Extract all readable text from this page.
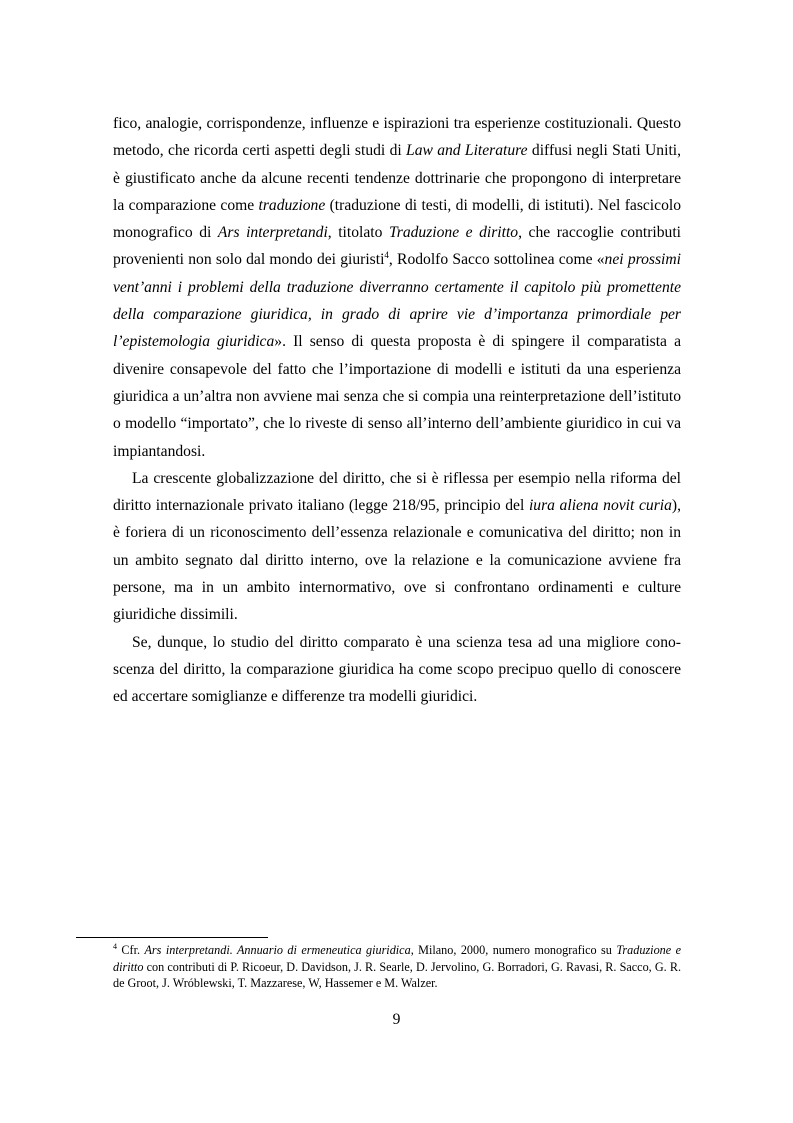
fico, analogie, corrispondenze, influenze e ispirazioni tra esperienze costituzionali. Questo metodo, che ricorda certi aspetti degli studi di Law and Literature diffusi negli Stati Uniti, è giustificato anche da alcune recenti tendenze dottrinarie che propongono di interpretare la comparazione come traduzione (traduzione di testi, di modelli, di istituti). Nel fascicolo monografico di Ars interpretandi, titolato Traduzione e diritto, che raccoglie contributi provenienti non solo dal mondo dei giuristi$^4$, Rodolfo Sacco sottolinea come «nei prossimi vent’anni i problemi della traduzione diverranno certamente il capitolo più promettente della comparazione giuridica, in grado di aprire vie d’importanza primordiale per l’epistemologia giuridica». Il senso di questa proposta è di spingere il comparatista a divenire consapevole del fatto che l’importazione di modelli e istituti da una esperienza giuridica a un’altra non avviene mai senza che si compia una reinterpretazione dell’istituto o modello “importato”, che lo riveste di senso all’interno dell’ambiente giuridico in cui va impiantandosi.

La crescente globalizzazione del diritto, che si è riflessa per esempio nella riforma del diritto internazionale privato italiano (legge 218/95, principio del iura aliena novit curia), è foriera di un riconoscimento dell’essenza relazionale e comunicativa del diritto; non in un ambito segnato dal diritto interno, ove la relazione e la comunicazione avviene fra persone, ma in un ambito internormativo, ove si confrontano ordinamenti e culture giuridiche dissimili.

Se, dunque, lo studio del diritto comparato è una scienza tesa ad una migliore conoscenza del diritto, la comparazione giuridica ha come scopo precipuo quello di conoscere ed accertare somiglianze e differenze tra modelli giuridici.

$^4$ Cfr. Ars interpretandi. Annuario di ermeneutica giuridica, Milano, 2000, numero monografico su Traduzione e diritto con contributi di P. Ricoeur, D. Davidson, J. R. Searle, D. Jervolino, G. Borradori, G. Ravasi, R. Sacco, G. R. de Groot, J. Wróblewski, T. Mazzarese, W, Hassemer e M. Walzer.
9
